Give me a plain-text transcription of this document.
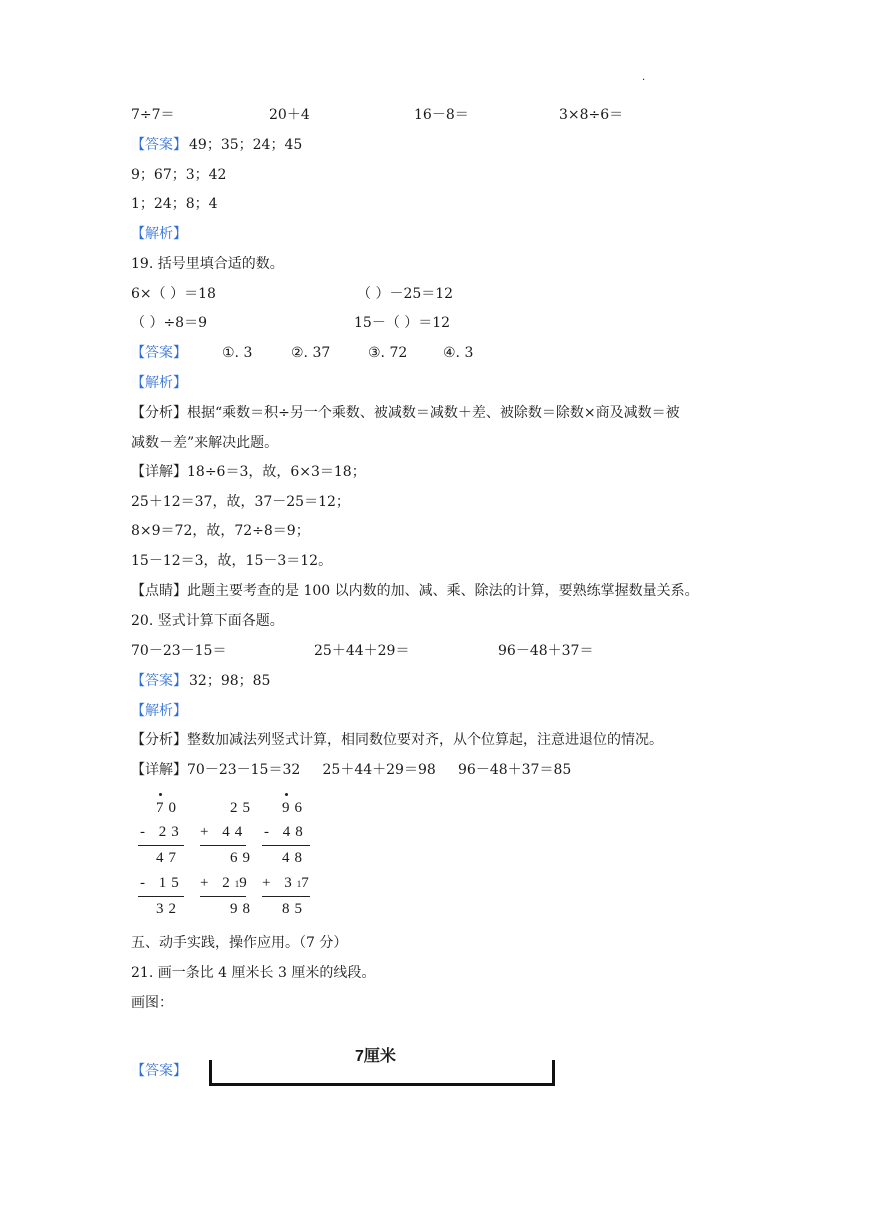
·
7÷7＝	20＋4	16－8＝	3×8÷6＝
【答案】 49；35；24；45
9；67；3；42
1；24；8；4
【解析】
19. 括号里填合适的数。
6×（ ）＝18	（ ）－25＝12
（ ）÷8＝9	15－（ ）＝12
【答案】	①. 3	②. 37	③. 72	④. 3
【解析】
【分析】根据“乘数＝积÷另一个乘数、被减数＝减数＋差、被除数＝除数×商及减数＝被
减数－差”来解决此题。
【详解】18÷6＝3，故，6×3＝18；
25＋12＝37，故，37－25＝12；
8×9＝72，故，72÷8＝9；
15－12＝3，故，15－3＝12。
【点睛】此题主要考查的是 100 以内数的加、减、乘、除法的计算，要熟练掌握数量关系。
20. 竖式计算下面各题。
70－23－15＝	25＋44＋29＝	96－48＋37＝
【答案】 32；98；85
【解析】
【分析】整数加减法列竖式计算，相同数位要对齐，从个位算起，注意进退位的情况。
【详解】70－23－15＝32     25＋44＋29＝98     96－48＋37＝85
70
- 23
47
- 15
32
25
+ 44
69
+ 219
98
96
- 48
48
+ 317
85
五、动手实践，操作应用。（7 分）
21. 画一条比 4 厘米长 3 厘米的线段。
画图：
【答案】
7厘米
